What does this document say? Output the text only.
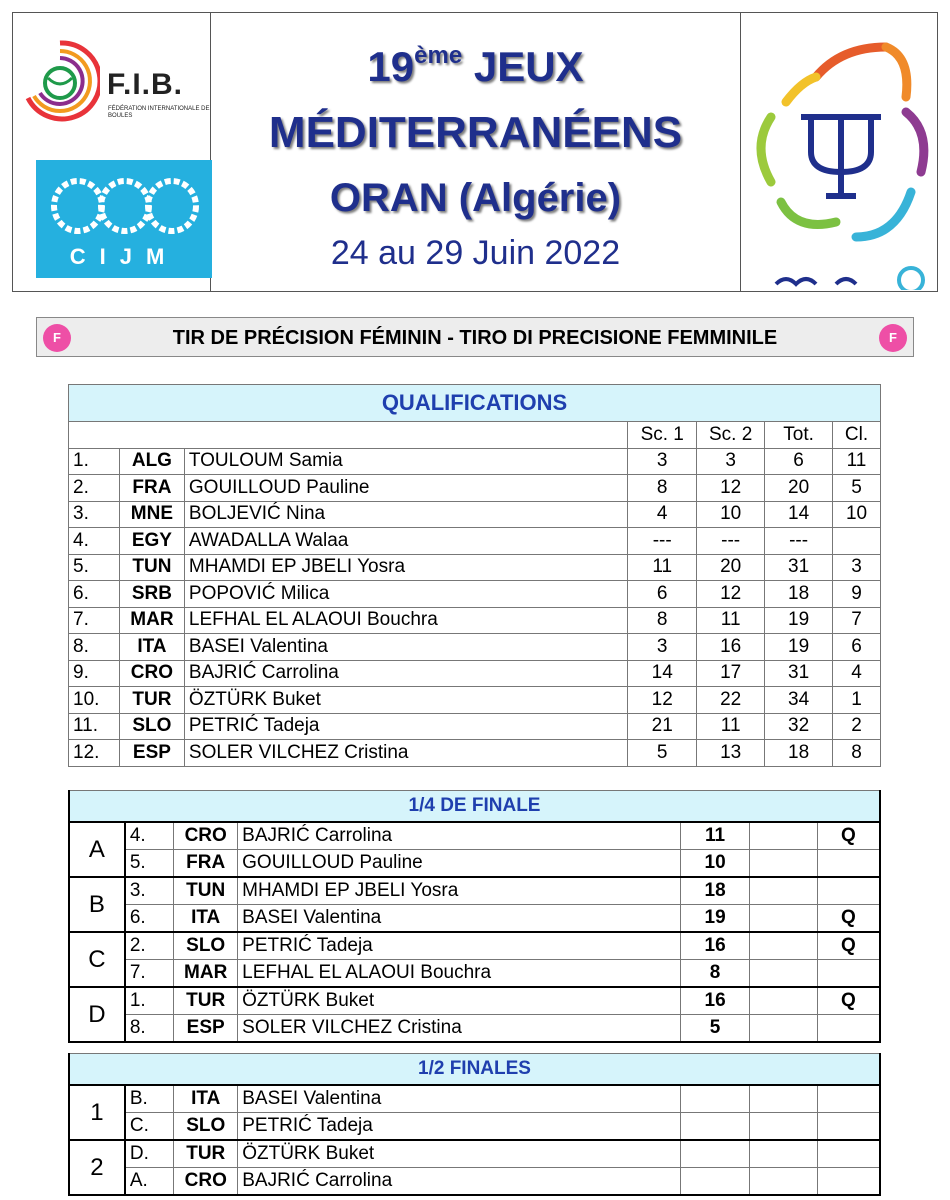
F.I.B.
FÉDÉRATION INTERNATIONALE DE BOULES
CIJM
19ème JEUX
MÉDITERRANÉENS
ORAN (Algérie)
24 au 29 Juin 2022
F	TIR DE PRÉCISION FÉMININ - TIRO DI PRECISIONE FEMMINILE	F
QUALIFICATIONS						
			Sc. 1	Sc. 2	Tot.	Cl.
1.	ALG	TOULOUM Samia	3	3	6	11
2.	FRA	GOUILLOUD Pauline	8	12	20	5
3.	MNE	BOLJEVIĆ Nina	4	10	14	10
4.	EGY	AWADALLA Walaa	---	---	---	
5.	TUN	MHAMDI EP JBELI Yosra	11	20	31	3
6.	SRB	POPOVIĆ Milica	6	12	18	9
7.	MAR	LEFHAL EL ALAOUI Bouchra	8	11	19	7
8.	ITA	BASEI Valentina	3	16	19	6
9.	CRO	BAJRIĆ Carrolina	14	17	31	4
10.	TUR	ÖZTÜRK Buket	12	22	34	1
11.	SLO	PETRIĆ Tadeja	21	11	32	2
12.	ESP	SOLER VILCHEZ Cristina	5	13	18	8
1/4 DE FINALE						
A	4.	CRO	BAJRIĆ Carrolina	11		Q
	5.	FRA	GOUILLOUD Pauline	10		
B	3.	TUN	MHAMDI EP JBELI Yosra	18		
	6.	ITA	BASEI Valentina	19		Q
C	2.	SLO	PETRIĆ Tadeja	16		Q
	7.	MAR	LEFHAL EL ALAOUI Bouchra	8		
D	1.	TUR	ÖZTÜRK Buket	16		Q
	8.	ESP	SOLER VILCHEZ Cristina	5		
1/2 FINALES						
1	B.	ITA	BASEI Valentina			
	C.	SLO	PETRIĆ Tadeja			
2	D.	TUR	ÖZTÜRK Buket			
	A.	CRO	BAJRIĆ Carrolina			
